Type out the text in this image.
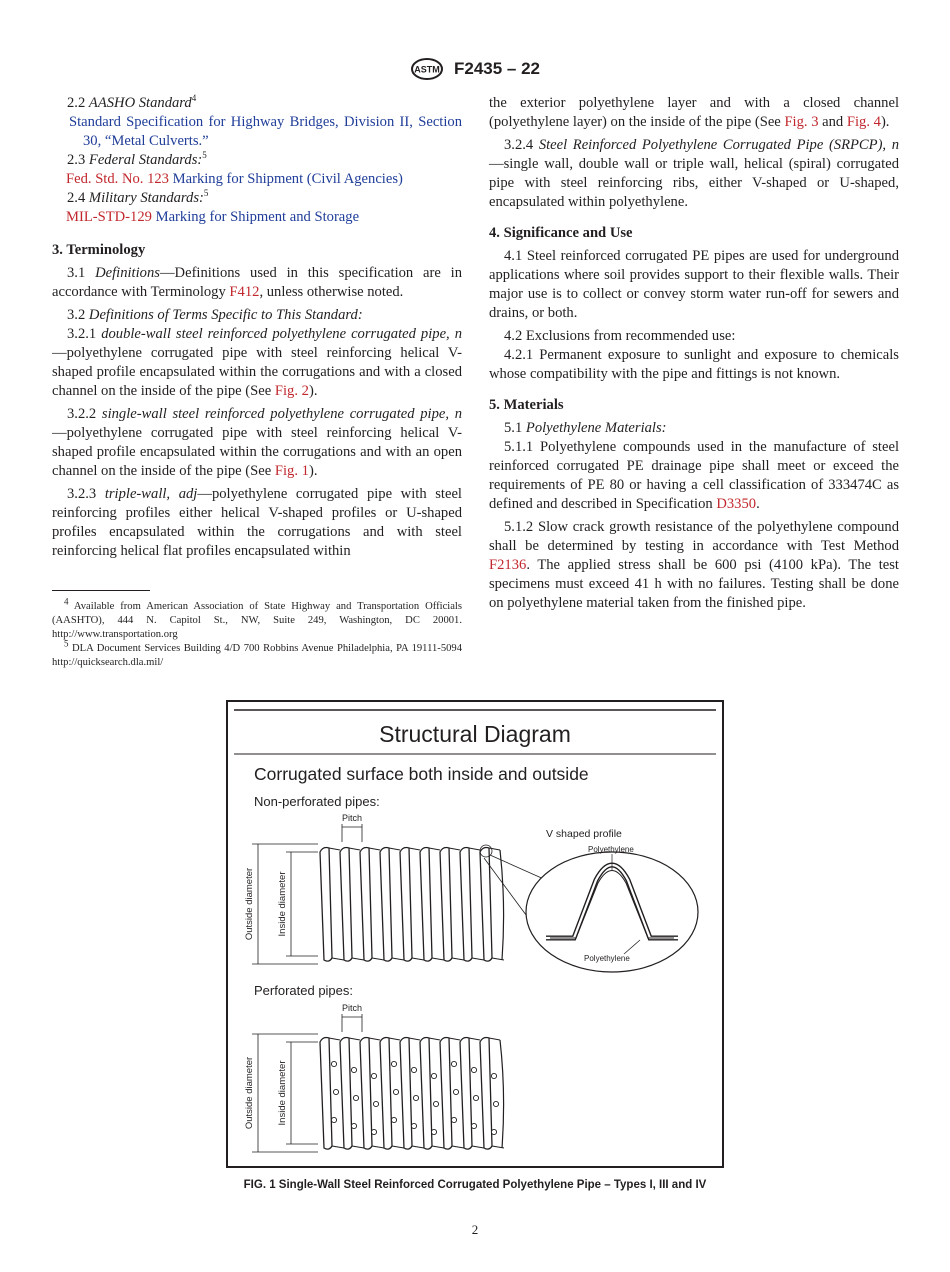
ASTM F2435 – 22

2.2 AASHO Standard$^4$

Standard Specification for Highway Bridges, Division II, Section 30, “Metal Culverts.”

2.3 Federal Standards:$^5$

Fed. Std. No. 123 Marking for Shipment (Civil Agencies)

2.4 Military Standards:$^5$

MIL-STD-129 Marking for Shipment and Storage

3. Terminology

3.1 Definitions—Definitions used in this specification are in accordance with Terminology F412, unless otherwise noted.

3.2 Definitions of Terms Specific to This Standard:

3.2.1 double-wall steel reinforced polyethylene corrugated pipe, n—polyethylene corrugated pipe with steel reinforcing helical V-shaped profile encapsulated within the corrugations and with a closed channel on the inside of the pipe (See Fig. 2).

3.2.2 single-wall steel reinforced polyethylene corrugated pipe, n—polyethylene corrugated pipe with steel reinforcing helical V-shaped profile encapsulated within the corrugations and with an open channel on the inside of the pipe (See Fig. 1).

3.2.3 triple-wall, adj—polyethylene corrugated pipe with steel reinforcing profiles either helical V-shaped profiles or U-shaped profiles encapsulated within the corrugations and with steel reinforcing helical flat profiles encapsulated within

$^4$ Available from American Association of State Highway and Transportation Officials (AASHTO), 444 N. Capitol St., NW, Suite 249, Washington, DC 20001. http://www.transportation.org
$^5$ DLA Document Services Building 4/D 700 Robbins Avenue Philadelphia, PA 19111-5094 http://quicksearch.dla.mil/

the exterior polyethylene layer and with a closed channel (polyethylene layer) on the inside of the pipe (See Fig. 3 and Fig. 4).

3.2.4 Steel Reinforced Polyethylene Corrugated Pipe (SRPCP), n—single wall, double wall or triple wall, helical (spiral) corrugated pipe with steel reinforcing ribs, either V-shaped or U-shaped, encapsulated within polyethylene.

4. Significance and Use

4.1 Steel reinforced corrugated PE pipes are used for underground applications where soil provides support to their flexible walls. Their major use is to collect or convey storm water run-off for sewers and drains, or both.

4.2 Exclusions from recommended use:

4.2.1 Permanent exposure to sunlight and exposure to chemicals whose compatibility with the pipe and fittings is not known.

5. Materials

5.1 Polyethylene Materials:

5.1.1 Polyethylene compounds used in the manufacture of steel reinforced corrugated PE drainage pipe shall meet or exceed the requirements of PE 80 or having a cell classification of 333474C as defined and described in Specification D3350.

5.1.2 Slow crack growth resistance of the polyethylene compound shall be determined by testing in accordance with Test Method F2136. The applied stress shall be 600 psi (4100 kPa). The test specimens must exceed 41 h with no failures. Testing shall be done on polyethylene material taken from the finished pipe.

Structural Diagram
Corrugated surface both inside and outside
Non-perforated pipes:
Pitch
Outside diameter Inside diameter
V shaped profile
Polyethylene
Polyethylene
Perforated pipes:
Pitch
Outside diameter Inside diameter
FIG. 1 Single-Wall Steel Reinforced Corrugated Polyethylene Pipe – Types I, III and IV
2
